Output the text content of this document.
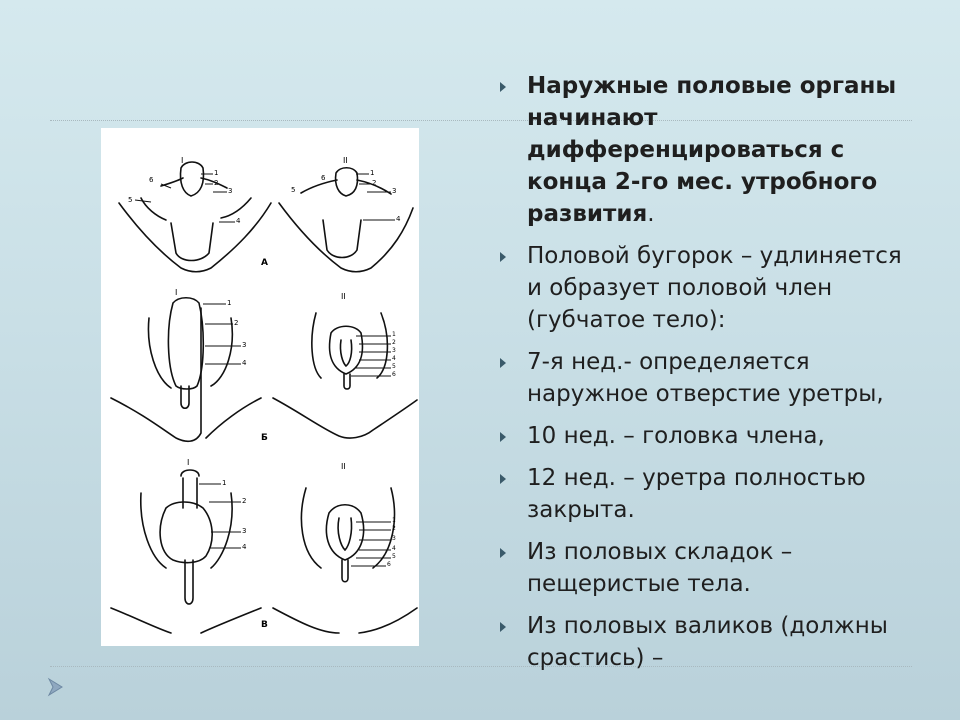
I	II
I	II
I	II
А
Б
В
6
1
2
3
5
4
6
1
2
3
5
4
1
2
3
4
1
2
3
4
5
6
1
2
3
4
1
2
3
4
5
6
Наружные половые органы начинают дифференцироваться с конца 2-го мес. утробного развития.
Половой бугорок – удлиняется и образует половой член (губчатое тело):
7-я нед.- определяется наружное отверстие уретры,
10 нед. – головка члена,
12 нед. – уретра полностью закрыта.
Из половых складок – пещеристые тела.
Из половых валиков (должны срастись) –
